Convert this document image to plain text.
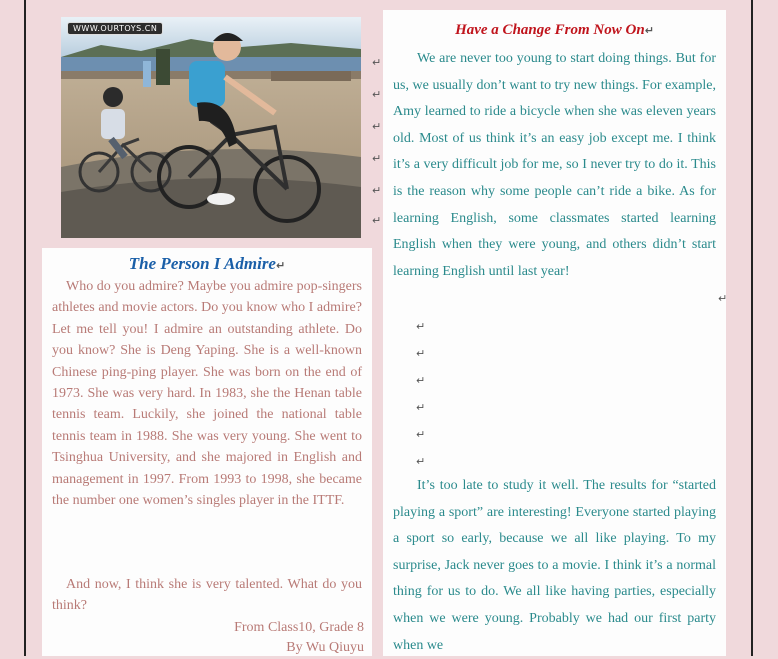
WWW.OURTOYS.CN
The Person I Admire↵

Who do you admire? Maybe you admire pop-singers athletes and movie actors. Do you know who I admire? Let me tell you! I admire an outstanding athlete. Do you know? She is Deng Yaping. She is a well-known Chinese ping-ping player. She was born on the end of 1973. She was very hard. In 1983, she the Henan table tennis team. Luckily, she joined the national table tennis team in 1988. She was very young. She went to Tsinghua University, and she majored in English and management in 1997. From 1993 to 1998, she became the number one women’s singles player in the ITTF.

And now, I think she is very talented. What do you think?

From Class10, Grade 8
By Wu Qiuyu
Have a Change From Now On↵

We are never too young to start doing things. But for us, we usually don’t want to try new things. For example, Amy learned to ride a bicycle when she was eleven years old. Most of us think it’s an easy job except me. I think it’s a very difficult job for me, so I never try to do it. This is the reason why some people can’t ride a bike. As for learning English, some classmates started learning English when they were young, and others didn’t start learning English until last year!

It’s too late to study it well. The results for “started playing a sport” are interesting! Everyone started playing a sport so early, because we all like playing. To my surprise, Jack never goes to a movie. I think it’s a normal thing for us to do. We all like having parties, especially when we were young. Probably we had our first party when we

↵
↵
↵
↵
↵
↵
↵
↵
↵
↵
↵
↵
↵
